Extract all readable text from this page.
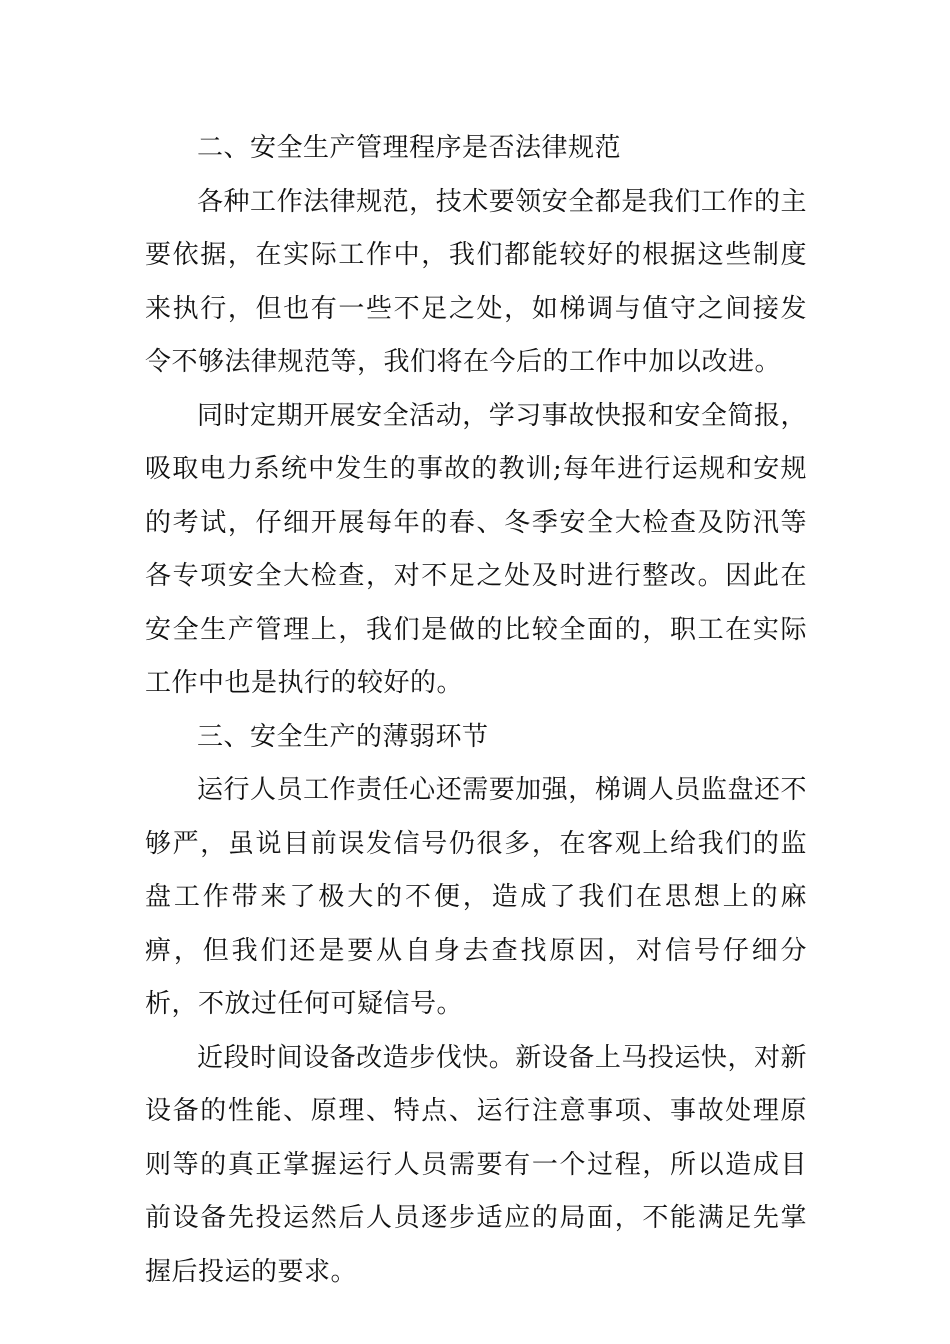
二、安全生产管理程序是否法律规范

各种工作法律规范，技术要领安全都是我们工作的主要依据，在实际工作中，我们都能较好的根据这些制度来执行，但也有一些不足之处，如梯调与值守之间接发令不够法律规范等，我们将在今后的工作中加以改进。

同时定期开展安全活动，学习事故快报和安全简报，吸取电力系统中发生的事故的教训;每年进行运规和安规的考试，仔细开展每年的春、冬季安全大检查及防汛等各专项安全大检查，对不足之处及时进行整改。因此在安全生产管理上，我们是做的比较全面的，职工在实际工作中也是执行的较好的。

三、安全生产的薄弱环节

运行人员工作责任心还需要加强，梯调人员监盘还不够严，虽说目前误发信号仍很多，在客观上给我们的监盘工作带来了极大的不便，造成了我们在思想上的麻痹，但我们还是要从自身去查找原因，对信号仔细分析，不放过任何可疑信号。

近段时间设备改造步伐快。新设备上马投运快，对新设备的性能、原理、特点、运行注意事项、事故处理原则等的真正掌握运行人员需要有一个过程，所以造成目前设备先投运然后人员逐步适应的局面，不能满足先掌握后投运的要求。
